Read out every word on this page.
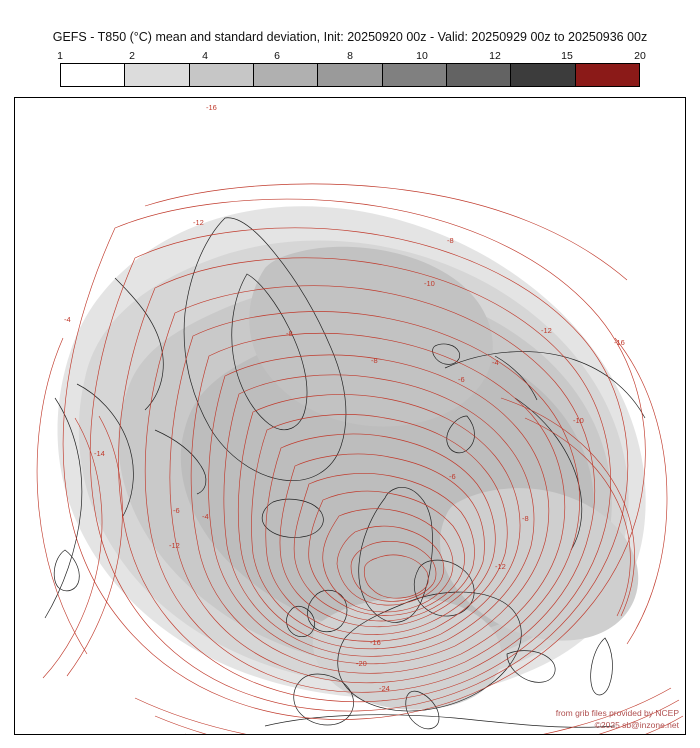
GEFS - T850 (°C) mean and standard deviation, Init: 20250920 00z - Valid: 20250929 00z to 20250936 00z
1	2	4	6	8	10	12	15	20
-16
-12
-8
-10
-4
-12
-8
-16
-8	-4
-6
-14
-6
-6
-4	-8
-12
-12
-16
-20
-24
-10
from grib files provided by NCEP
©2025 sb@inzone.net
